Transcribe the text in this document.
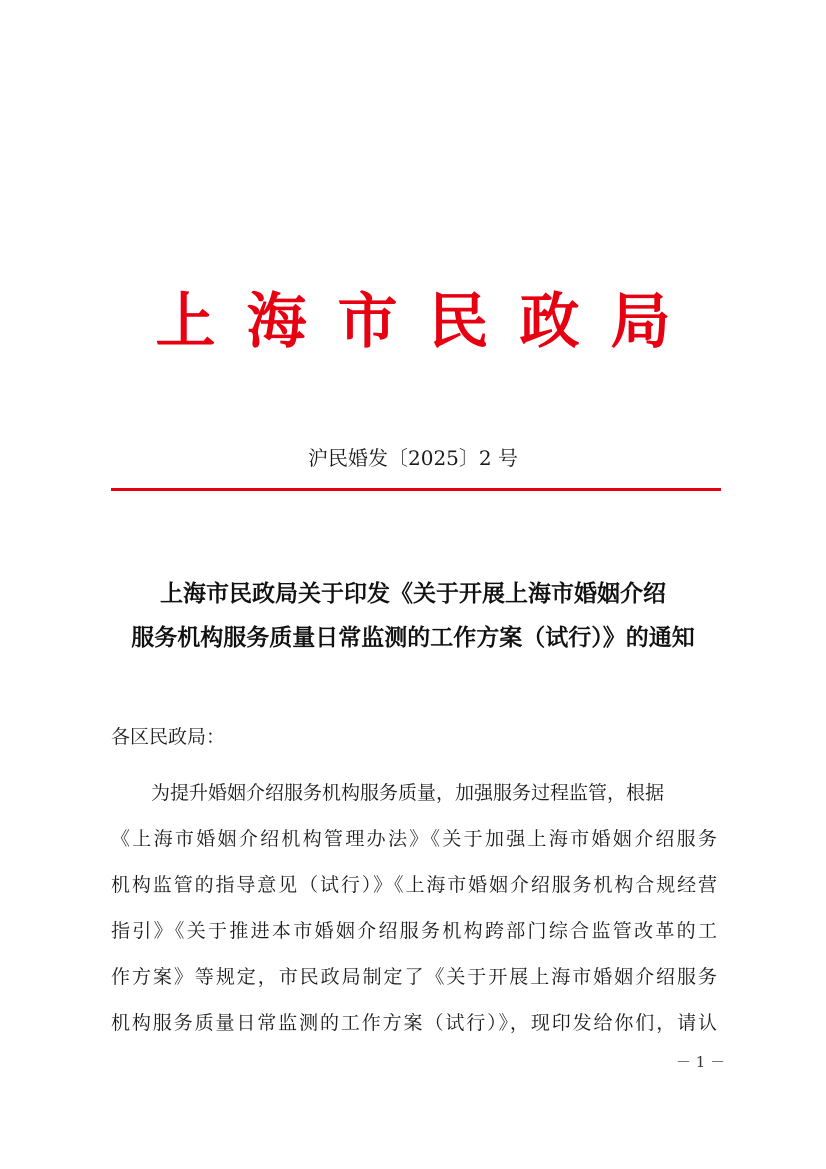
上海市民政局
沪民婚发〔2025〕2 号
上海市民政局关于印发《关于开展上海市婚姻介绍
服务机构服务质量日常监测的工作方案（试行）》的通知
各区民政局：
为提升婚姻介绍服务机构服务质量，加强服务过程监管，根据
《上海市婚姻介绍机构管理办法》《关于加强上海市婚姻介绍服务
机构监管的指导意见（试行）》《上海市婚姻介绍服务机构合规经营
指引》《关于推进本市婚姻介绍服务机构跨部门综合监管改革的工
作方案》等规定，市民政局制定了《关于开展上海市婚姻介绍服务
机构服务质量日常监测的工作方案（试行）》，现印发给你们，请认
－ 1 －
